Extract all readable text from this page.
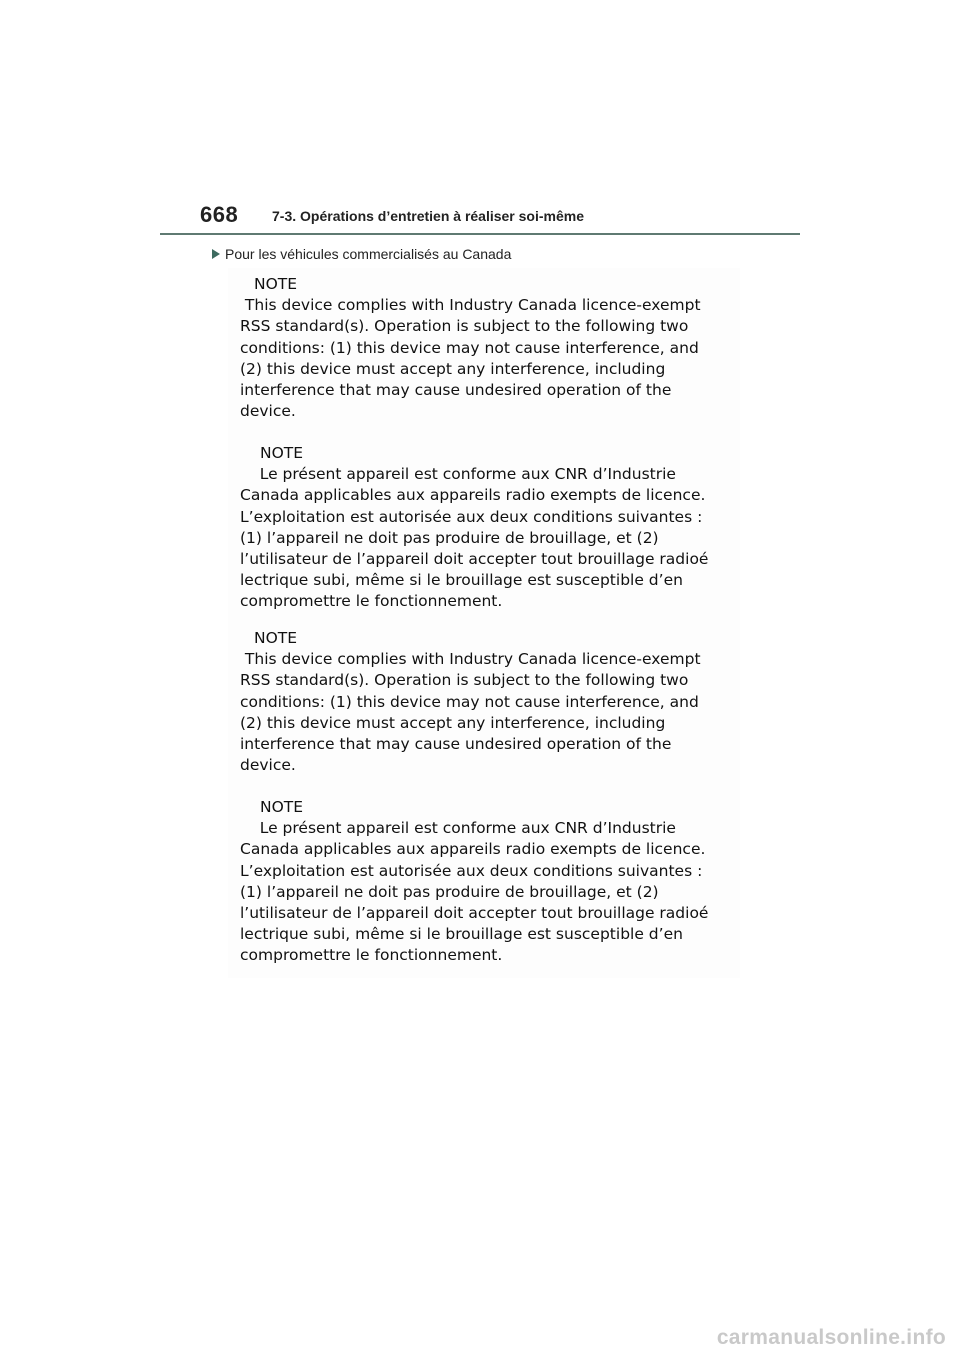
668 7-3. Opérations d’entretien à réaliser soi-même
Pour les véhicules commercialisés au Canada
NOTE
This device complies with Industry Canada licence-exempt
RSS standard(s). Operation is subject to the following two
conditions: (1) this device may not cause interference, and
(2) this device must accept any interference, including
interference that may cause undesired operation of the
device.
NOTE
Le présent appareil est conforme aux CNR d’Industrie
Canada applicables aux appareils radio exempts de licence.
L’exploitation est autorisée aux deux conditions suivantes :
(1) l’appareil ne doit pas produire de brouillage, et (2)
l’utilisateur de l’appareil doit accepter tout brouillage radioé
lectrique subi, même si le brouillage est susceptible d’en
compromettre le fonctionnement.
NOTE
This device complies with Industry Canada licence-exempt
RSS standard(s). Operation is subject to the following two
conditions: (1) this device may not cause interference, and
(2) this device must accept any interference, including
interference that may cause undesired operation of the
device.
NOTE
Le présent appareil est conforme aux CNR d’Industrie
Canada applicables aux appareils radio exempts de licence.
L’exploitation est autorisée aux deux conditions suivantes :
(1) l’appareil ne doit pas produire de brouillage, et (2)
l’utilisateur de l’appareil doit accepter tout brouillage radioé
lectrique subi, même si le brouillage est susceptible d’en
compromettre le fonctionnement.
carmanualsonline.info
